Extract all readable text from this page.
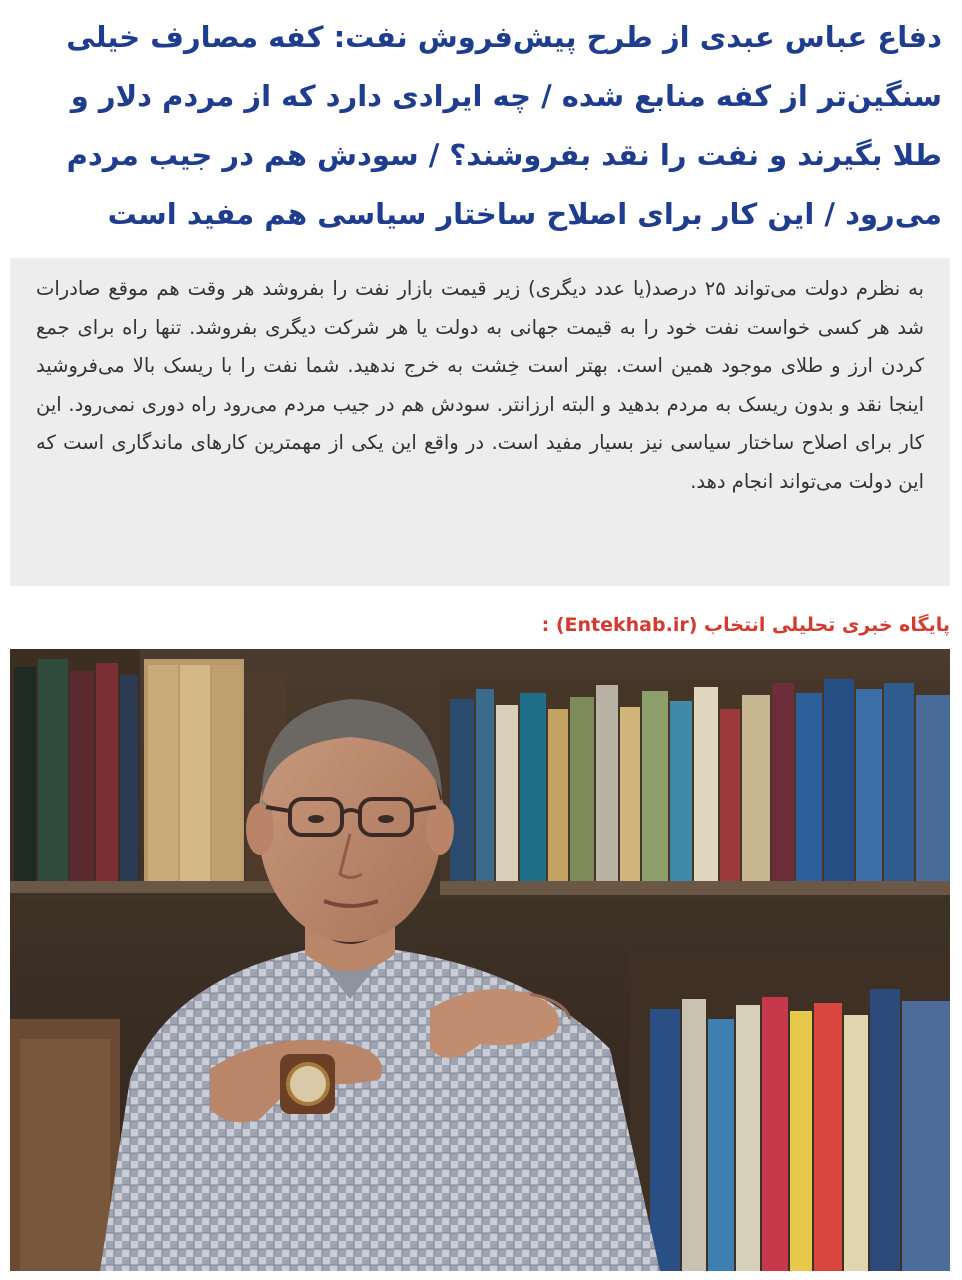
دفاع عباس عبدی از طرح پیش‌فروش نفت: کفه مصارف خیلی سنگین‌تر از کفه منابع شده / چه ایرادی دارد که از مردم دلار و طلا بگیرند و نفت را نقد بفروشند؟ / سودش هم در جیب مردم می‌رود / این کار برای اصلاح ساختار سیاسی هم مفید است

به نظرم دولت می‌تواند ۲۵ درصد(یا عدد دیگری) زیر قیمت بازار نفت را بفروشد هر وقت هم موقع صادرات شد هر کسی خواست نفت خود را به قیمت جهانی به دولت یا هر شرکت دیگری بفروشد. تنها راه برای جمع کردن ارز و طلای موجود همین است. بهتر است خِشت به خرج ندهید. شما نفت را با ریسک بالا می‌فروشید اینجا نقد و بدون ریسک به مردم بدهید و البته ارزانتر. سودش هم در جیب مردم می‌رود راه دوری نمی‌رود. این کار برای اصلاح ساختار سیاسی نیز بسیار مفید است. در واقع این یکی از مهمترین کارهای ماندگاری است که این دولت می‌تواند انجام دهد.

پایگاه خبری تحلیلی انتخاب (Entekhab.ir) :
